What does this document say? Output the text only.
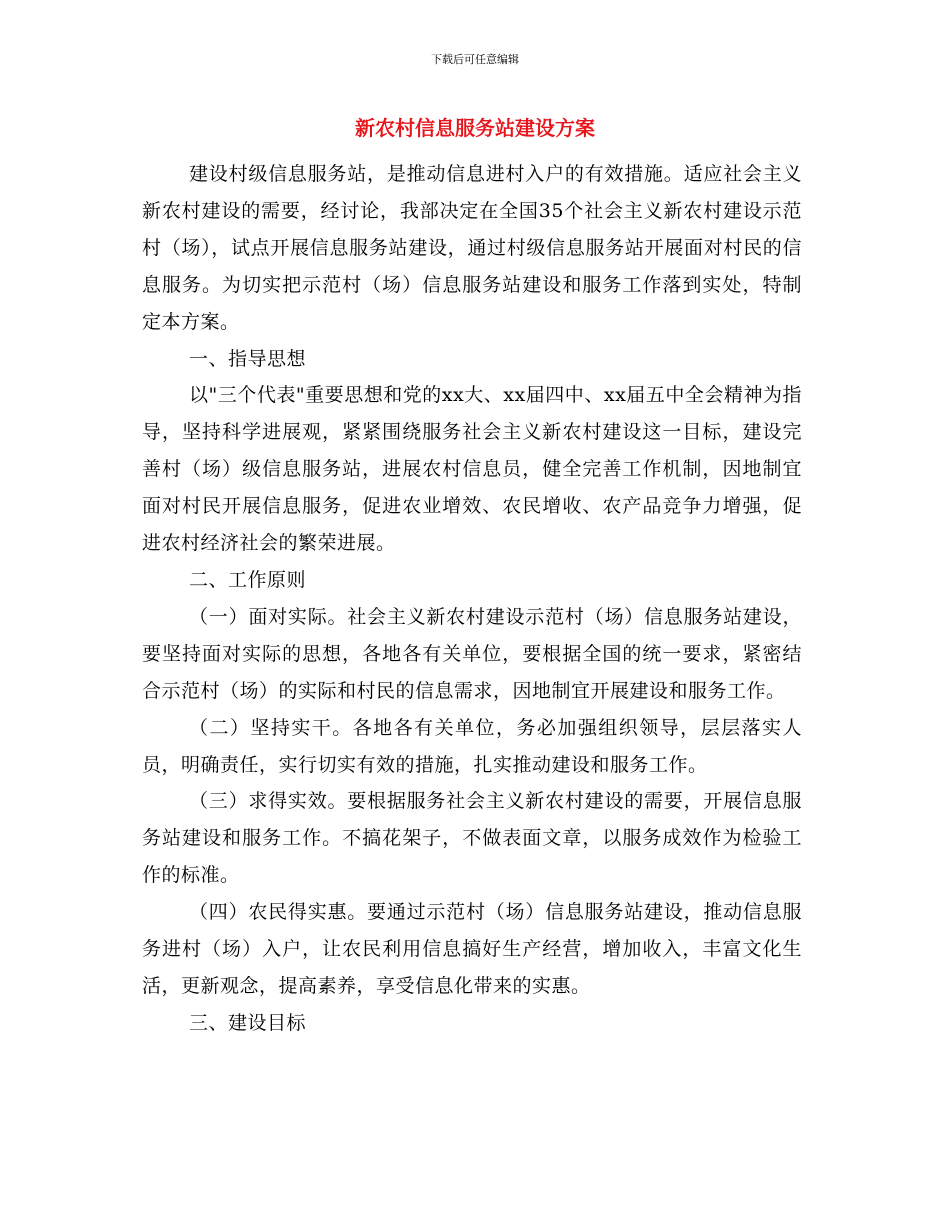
下载后可任意编辑
新农村信息服务站建设方案

建设村级信息服务站，是推动信息进村入户的有效措施。适应社会主义新农村建设的需要，经讨论，我部决定在全国35个社会主义新农村建设示范村（场），试点开展信息服务站建设，通过村级信息服务站开展面对村民的信息服务。为切实把示范村（场）信息服务站建设和服务工作落到实处，特制定本方案。

一、指导思想

以"三个代表"重要思想和党的xx大、xx届四中、xx届五中全会精神为指导，坚持科学进展观，紧紧围绕服务社会主义新农村建设这一目标，建设完善村（场）级信息服务站，进展农村信息员，健全完善工作机制，因地制宜面对村民开展信息服务，促进农业增效、农民增收、农产品竞争力增强，促进农村经济社会的繁荣进展。

二、工作原则

（一）面对实际。社会主义新农村建设示范村（场）信息服务站建设，要坚持面对实际的思想，各地各有关单位，要根据全国的统一要求，紧密结合示范村（场）的实际和村民的信息需求，因地制宜开展建设和服务工作。

（二）坚持实干。各地各有关单位，务必加强组织领导，层层落实人员，明确责任，实行切实有效的措施，扎实推动建设和服务工作。

（三）求得实效。要根据服务社会主义新农村建设的需要，开展信息服务站建设和服务工作。不搞花架子，不做表面文章，以服务成效作为检验工作的标准。

（四）农民得实惠。要通过示范村（场）信息服务站建设，推动信息服务进村（场）入户，让农民利用信息搞好生产经营，增加收入，丰富文化生活，更新观念，提高素养，享受信息化带来的实惠。

三、建设目标
